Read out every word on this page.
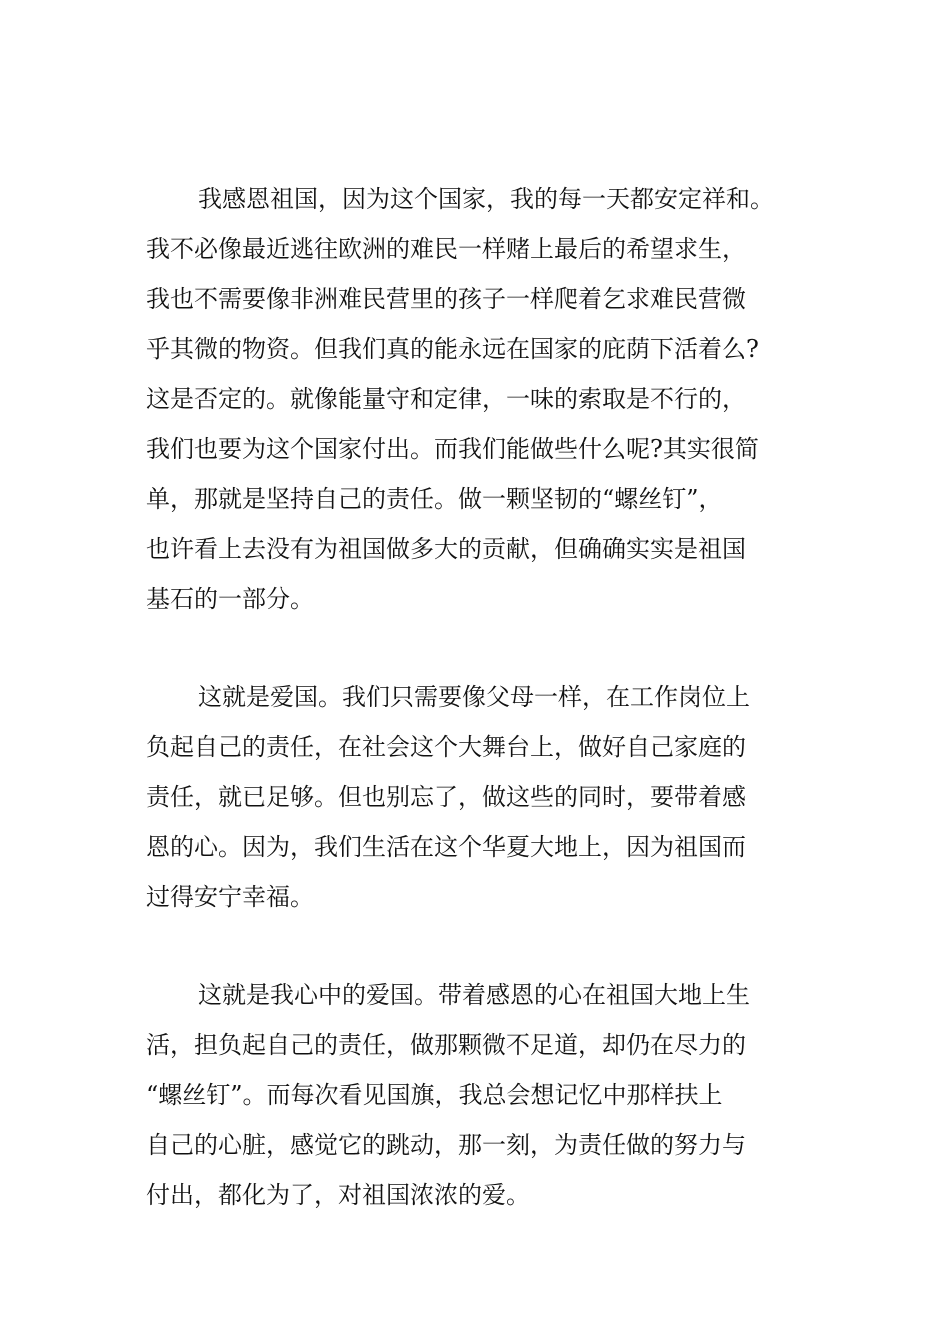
我感恩祖国，因为这个国家，我的每一天都安定祥和。
我不必像最近逃往欧洲的难民一样赌上最后的希望求生，
我也不需要像非洲难民营里的孩子一样爬着乞求难民营微
乎其微的物资。但我们真的能永远在国家的庇荫下活着么?
这是否定的。就像能量守和定律，一味的索取是不行的，
我们也要为这个国家付出。而我们能做些什么呢?其实很简
单，那就是坚持自己的责任。做一颗坚韧的“螺丝钉”，
也许看上去没有为祖国做多大的贡献，但确确实实是祖国
基石的一部分。
这就是爱国。我们只需要像父母一样，在工作岗位上
负起自己的责任，在社会这个大舞台上，做好自己家庭的
责任，就已足够。但也别忘了，做这些的同时，要带着感
恩的心。因为，我们生活在这个华夏大地上，因为祖国而
过得安宁幸福。
这就是我心中的爱国。带着感恩的心在祖国大地上生
活，担负起自己的责任，做那颗微不足道，却仍在尽力的
“螺丝钉”。而每次看见国旗，我总会想记忆中那样扶上
自己的心脏，感觉它的跳动，那一刻，为责任做的努力与
付出，都化为了，对祖国浓浓的爱。
